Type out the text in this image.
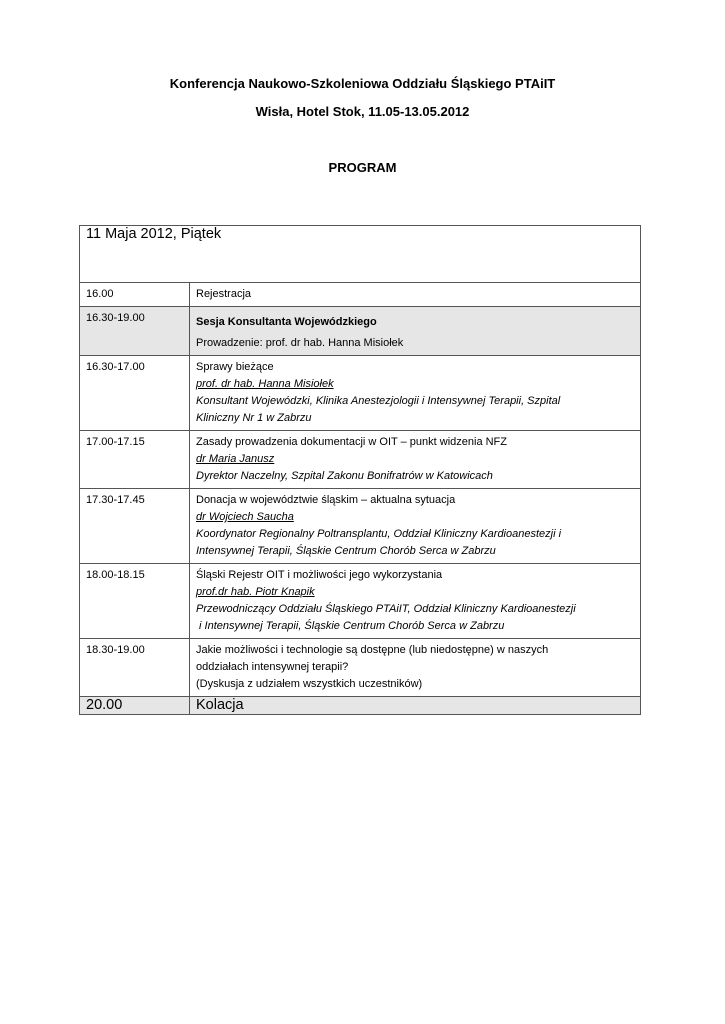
Konferencja Naukowo-Szkoleniowa Oddziału Śląskiego PTAiIT
Wisła, Hotel Stok, 11.05-13.05.2012
PROGRAM
11 Maja 2012, Piątek	
16.00	Rejestracja

16.30-19.00	Sesja Konsultanta Wojewódzkiego
Prowadzenie: prof. dr hab. Hanna Misiołek

16.30-17.00	Sprawy bieżące
prof. dr hab. Hanna Misiołek
Konsultant Wojewódzki, Klinika Anestezjologii i Intensywnej Terapii, Szpital
Kliniczny Nr 1 w Zabrzu

17.00-17.15	Zasady prowadzenia dokumentacji w OIT – punkt widzenia NFZ
dr Maria Janusz
Dyrektor Naczelny, Szpital Zakonu Bonifratrów w Katowicach

17.30-17.45	Donacja w województwie śląskim – aktualna sytuacja
dr Wojciech Saucha
Koordynator Regionalny Poltransplantu, Oddział Kliniczny Kardioanestezji i
Intensywnej Terapii, Śląskie Centrum Chorób Serca w Zabrzu

18.00-18.15	Śląski Rejestr OIT i możliwości jego wykorzystania
prof.dr hab. Piotr Knapik
Przewodniczący Oddziału Śląskiego PTAiIT, Oddział Kliniczny Kardioanestezji
i Intensywnej Terapii, Śląskie Centrum Chorób Serca w Zabrzu

18.30-19.00	Jakie możliwości i technologie są dostępne (lub niedostępne) w naszych
oddziałach intensywnej terapii?
(Dyskusja z udziałem wszystkich uczestników)

20.00	Kolacja
